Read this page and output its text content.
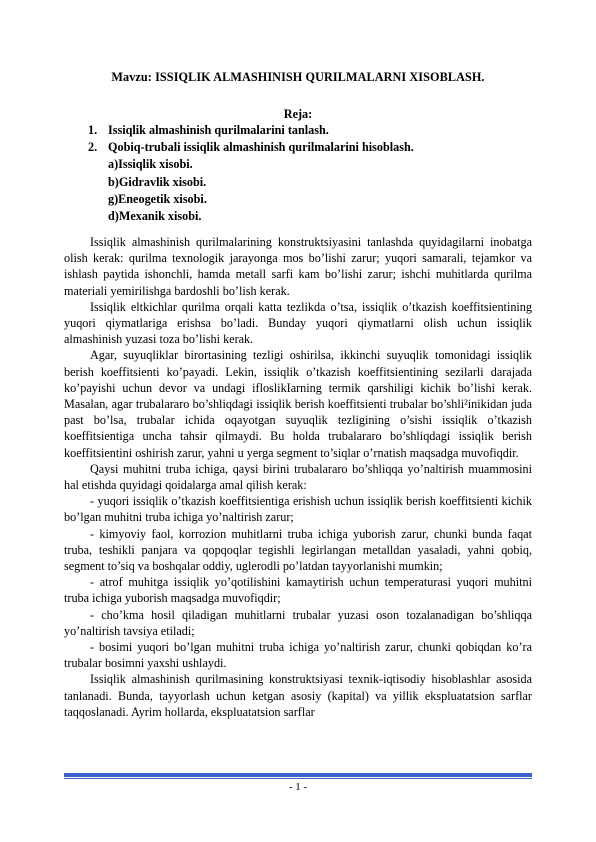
Mavzu: ISSIQLIK ALMASHINISH QURILMALARNI XISOBLASH.
Reja:
1. Issiqlik almashinish qurilmalarini tanlash.
2. Qobiq-trubali issiqlik almashinish qurilmalarini hisoblash.
a)Issiqlik xisobi.
b)Gidravlik xisobi.
g)Eneogetik xisobi.
d)Mexanik xisobi.

Issiqlik almashinish qurilmalarining konstruktsiyasini tanlashda quyidagilarni inobatga olish kerak: qurilma texnologik jarayonga mos bo’lishi zarur; yuqori samarali, tejamkor va ishlash paytida ishonchli, hamda metall sarfi kam bo’lishi zarur; ishchi muhitlarda qurilma materiali yemirilishga bardoshli bo’lish kerak.

Issiqlik eltkichlar qurilma orqali katta tezlikda o’tsa, issiqlik o’tkazish koeffitsientining yuqori qiymatlariga erishsa bo’ladi. Bunday yuqori qiymatlarni olish uchun issiqlik almashinish yuzasi toza bo’lishi kerak.

Agar, suyuqliklar birortasining tezligi oshirilsa, ikkinchi suyuqlik tomonidagi issiqlik berish koeffitsienti ko’payadi. Lekin, issiqlik o’tkazish koeffitsientining sezilarli darajada ko’payishi uchun devor va undagi ifloslikIarning termik qarshiligi kichik bo’lishi kerak. Masalan, agar trubalararo bo’shliqdagi issiqlik berish koeffitsienti trubalar bo’shli²inikidan juda past bo’lsa, trubalar ichida oqayotgan suyuqlik tezligining o’sishi issiqlik o’tkazish koeffitsientiga uncha tahsir qilmaydi. Bu holda trubalararo bo’shliqdagi issiqlik berish koeffitsientini oshirish zarur, yahni u yerga segment to’siqlar o’rnatish maqsadga muvofiqdir.

Qaysi muhitni truba ichiga, qaysi birini trubalararo bo’shliqqa yo’naltirish muammosini hal etishda quyidagi qoidalarga amal qilish kerak:

- yuqori issiqlik o’tkazish koeffitsientiga erishish uchun issiqlik berish koeffitsienti kichik bo’lgan muhitni truba ichiga yo’naltirish zarur;

- kimyoviy faol, korrozion muhitlarni truba ichiga yuborish zarur, chunki bunda faqat truba, teshikli panjara va qopqoqlar tegishli legirlangan metalldan yasaladi, yahni qobiq, segment to’siq va boshqalar oddiy, uglerodli po’latdan tayyorlanishi mumkin;

- atrof muhitga issiqlik yo’qotilishini kamaytirish uchun temperaturasi yuqori muhitni truba ichiga yuborish maqsadga muvofiqdir;

- cho’kma hosil qiladigan muhitlarni trubalar yuzasi oson tozalanadigan bo’shliqqa yo’naltirish tavsiya etiladi;

- bosimi yuqori bo’lgan muhitni truba ichiga yo’naltirish zarur, chunki qobiqdan ko’ra trubalar bosimni yaxshi ushlaydi.

Issiqlik almashinish qurilmasining konstruktsiyasi texnik-iqtisodiy hisoblashlar asosida tanlanadi. Bunda, tayyorlash uchun ketgan asosiy (kapital) va yillik ekspluatatsion sarflar taqqoslanadi. Ayrim hollarda, ekspluatatsion sarflar

- 1 -
